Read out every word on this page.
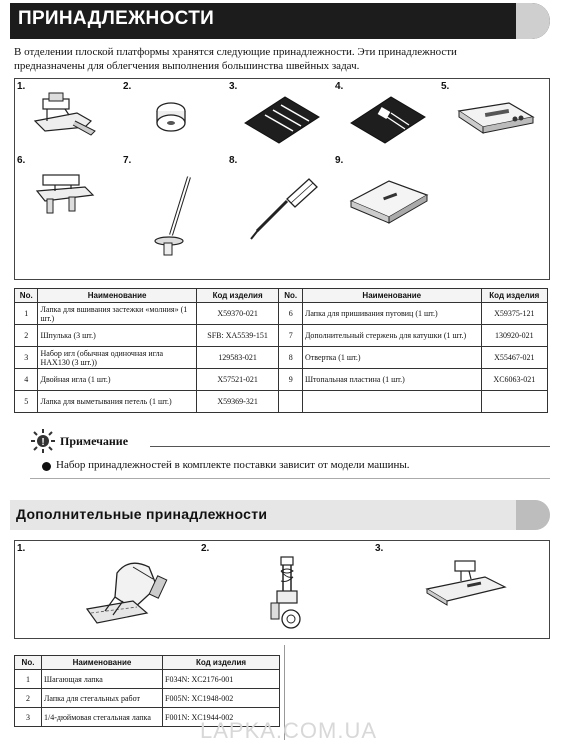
ПРИНАДЛЕЖНОСТИ
В отделении плоской платформы хранятся следующие принадлежности. Эти принадлежности
предназначены для облегчения выполнения большинства швейных задач.
1.	2.	3.	4.	5.
6.	7.	8.	9.
No.	Наименование	Код изделия	No.	Наименование	Код изделия
1	Лапка для вшивания застежки «молния» (1 шт.)	X59370-021	6	Лапка для пришивания пуговиц (1 шт.)	X59375-121
2	Шпулька (3 шт.)	SFB: XA5539-151	7	Дополнительный стержень для катушки (1 шт.)	130920-021
3	Набор игл (обычная одиночная игла HAX130 (3 шт.))	129583-021	8	Отвертка (1 шт.)	X55467-021
4	Двойная игла (1 шт.)	X57521-021	9	Штопальная пластина (1 шт.)	XC6063-021
5	Лапка для выметывания петель (1 шт.)	X59369-321			
! Примечание
Набор принадлежностей в комплекте поставки зависит от модели машины.
Дополнительные принадлежности
1.	2.	3.
No.	Наименование	Код изделия
1	Шагающая лапка	F034N: XC2176-001
2	Лапка для стегальных работ	F005N: XC1948-002
3	1/4-дюймовая стегальная лапка	F001N: XC1944-002
LAPKA.COM.UA
